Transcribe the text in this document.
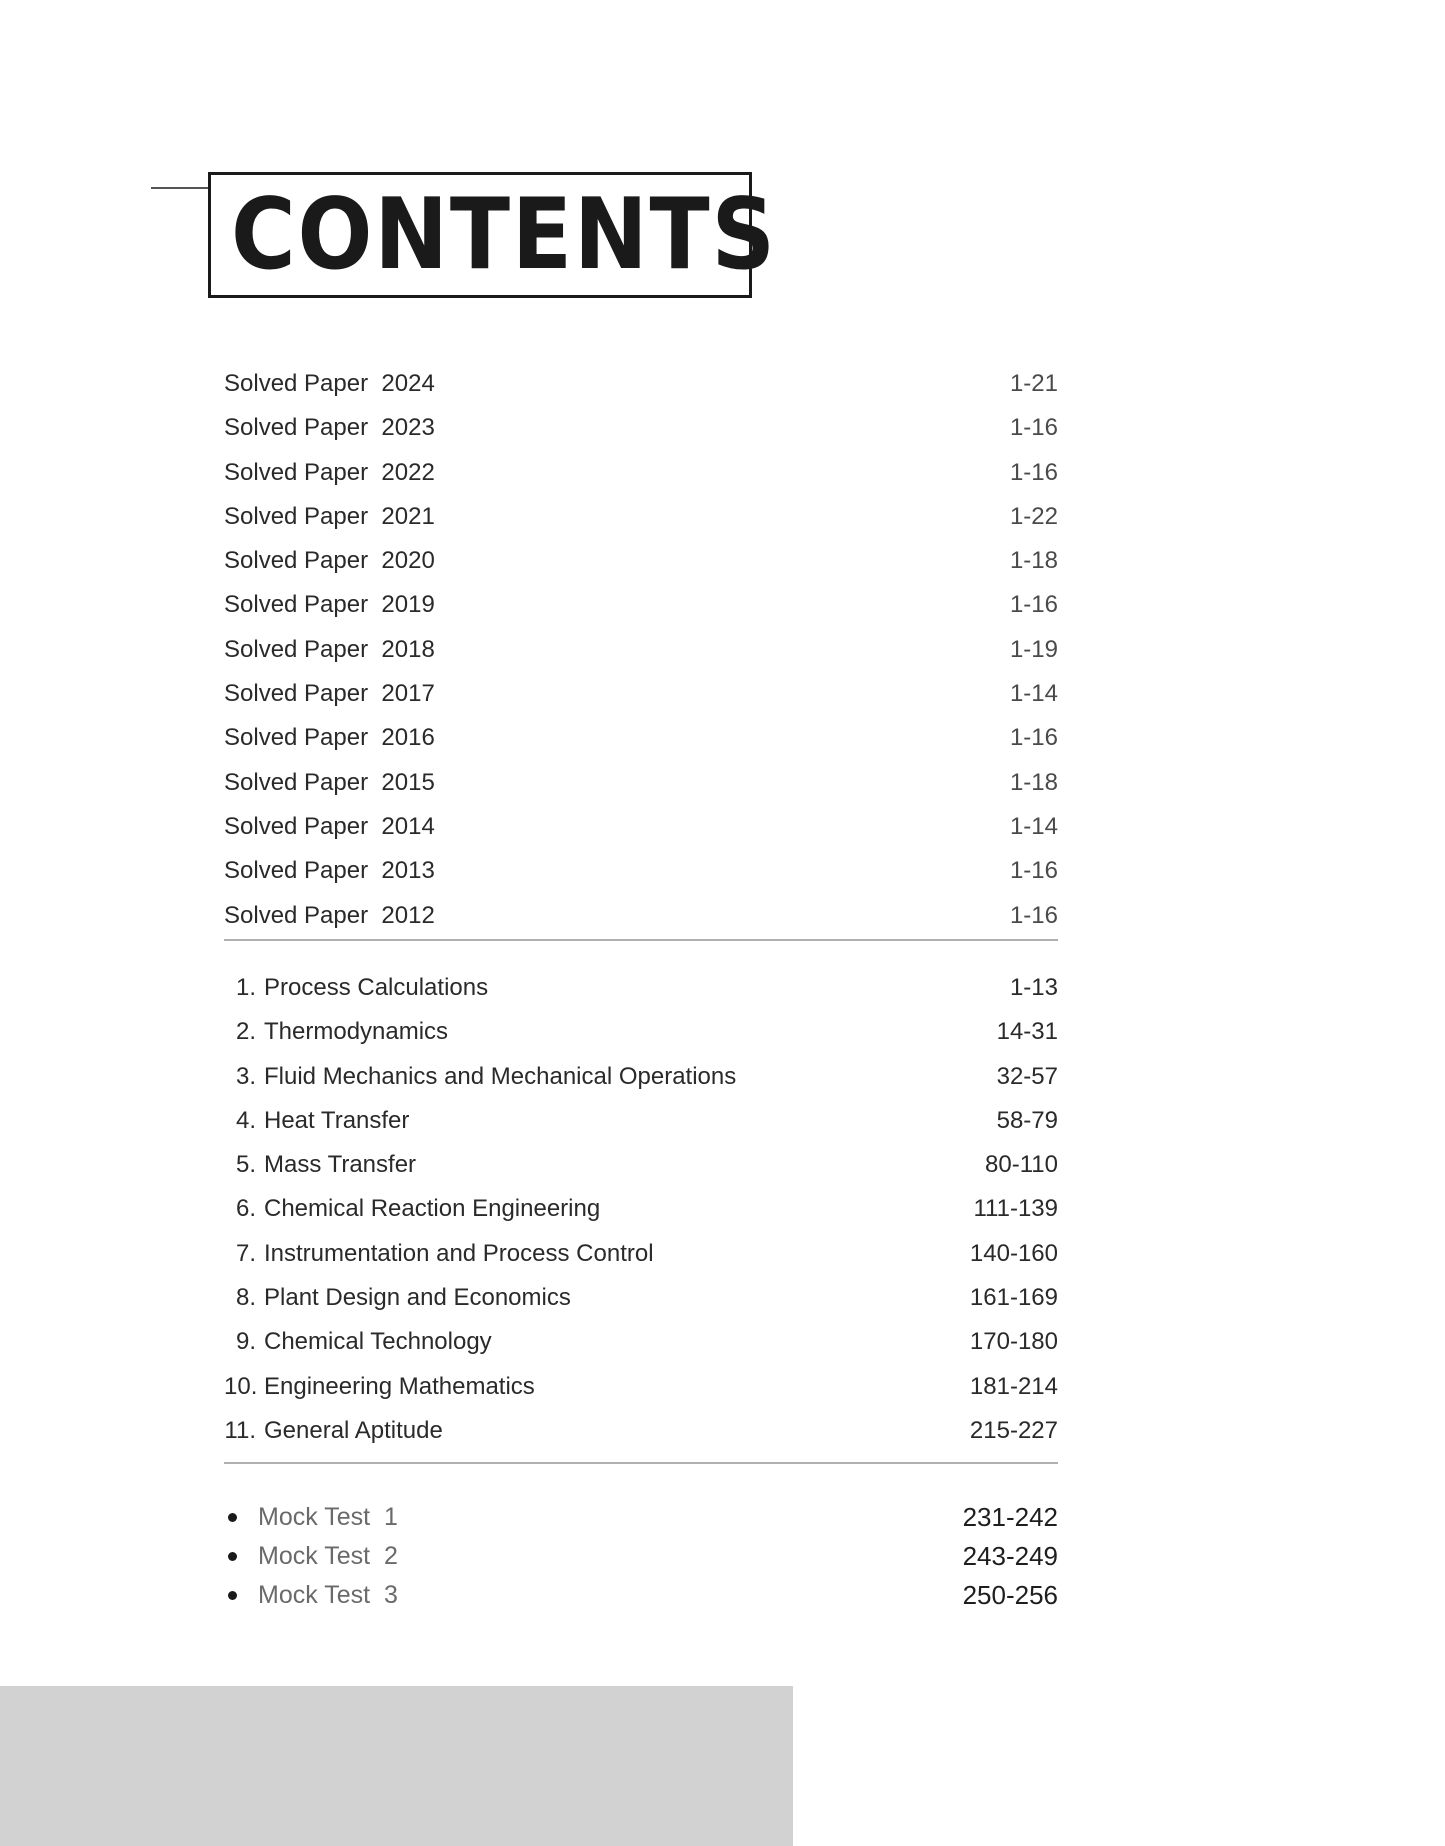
CONTENTS
Solved Paper  2024	1-21
Solved Paper  2023	1-16
Solved Paper  2022	1-16
Solved Paper  2021	1-22
Solved Paper  2020	1-18
Solved Paper  2019	1-16
Solved Paper  2018	1-19
Solved Paper  2017	1-14
Solved Paper  2016	1-16
Solved Paper  2015	1-18
Solved Paper  2014	1-14
Solved Paper  2013	1-16
Solved Paper  2012	1-16
1. Process Calculations	1-13
2. Thermodynamics	14-31
3. Fluid Mechanics and Mechanical Operations	32-57
4. Heat Transfer	58-79
5. Mass Transfer	80-110
6. Chemical Reaction Engineering	111-139
7. Instrumentation and Process Control	140-160
8. Plant Design and Economics	161-169
9. Chemical Technology	170-180
10. Engineering Mathematics	181-214
11. General Aptitude	215-227
Mock Test  1	231-242
Mock Test  2	243-249
Mock Test  3	250-256
